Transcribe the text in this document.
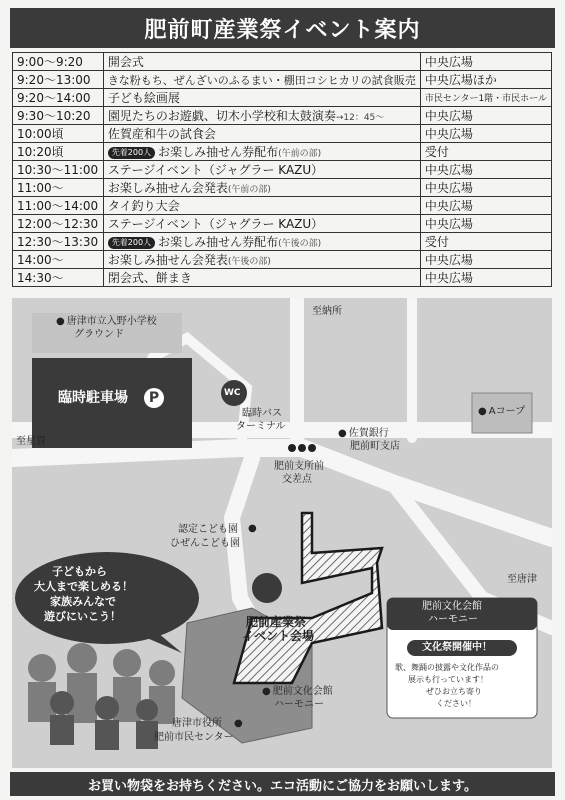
肥前町産業祭イベント案内
9:00〜9:20	開会式	中央広場
9:20〜13:00	きな粉もち、ぜんざいのふるまい・棚田コシヒカリの試食販売	中央広場ほか
9:20〜14:00	子ども絵画展	市民センター1階・市民ホール
9:30〜10:20	園児たちのお遊戯、切木小学校和太鼓演奏→12：45〜	中央広場
10:00頃	佐賀産和牛の試食会	中央広場
10:20頃	先着200人 お楽しみ抽せん券配布(午前の部)	受付
10:30〜11:00	ステージイベント（ジャグラー KAZU）	中央広場
11:00〜	お楽しみ抽せん会発表(午前の部)	中央広場
11:00〜14:00	タイ釣り大会	中央広場
12:00〜12:30	ステージイベント（ジャグラー KAZU）	中央広場
12:30〜13:30	先着200人 お楽しみ抽せん券配布(午後の部)	受付
14:00〜	お楽しみ抽せん会発表(午後の部)	中央広場
14:30〜	閉会式、餅まき	中央広場
● 唐津市立入野小学校
グラウンド
臨時駐車場	P	WC
臨時バス
ターミナル
至納所
至星賀
至唐津
● Aコープ
● 佐賀銀行
肥前町支店
肥前支所前
交差点
認定こども園 ●
ひぜんこども園
肥前産業祭
イベント会場
子どもから
大人まで楽しめる！
家族みんなで
遊びにいこう！
肥前文化会館
ハーモニー
文化祭開催中！
歌、舞踊の披露や文化作品の
展示も行っています！
ぜひお立ち寄り
ください！
● 肥前文化会館
ハーモニー
唐津市役所 ●
肥前市民センター
お買い物袋をお持ちください。エコ活動にご協力をお願いします。
